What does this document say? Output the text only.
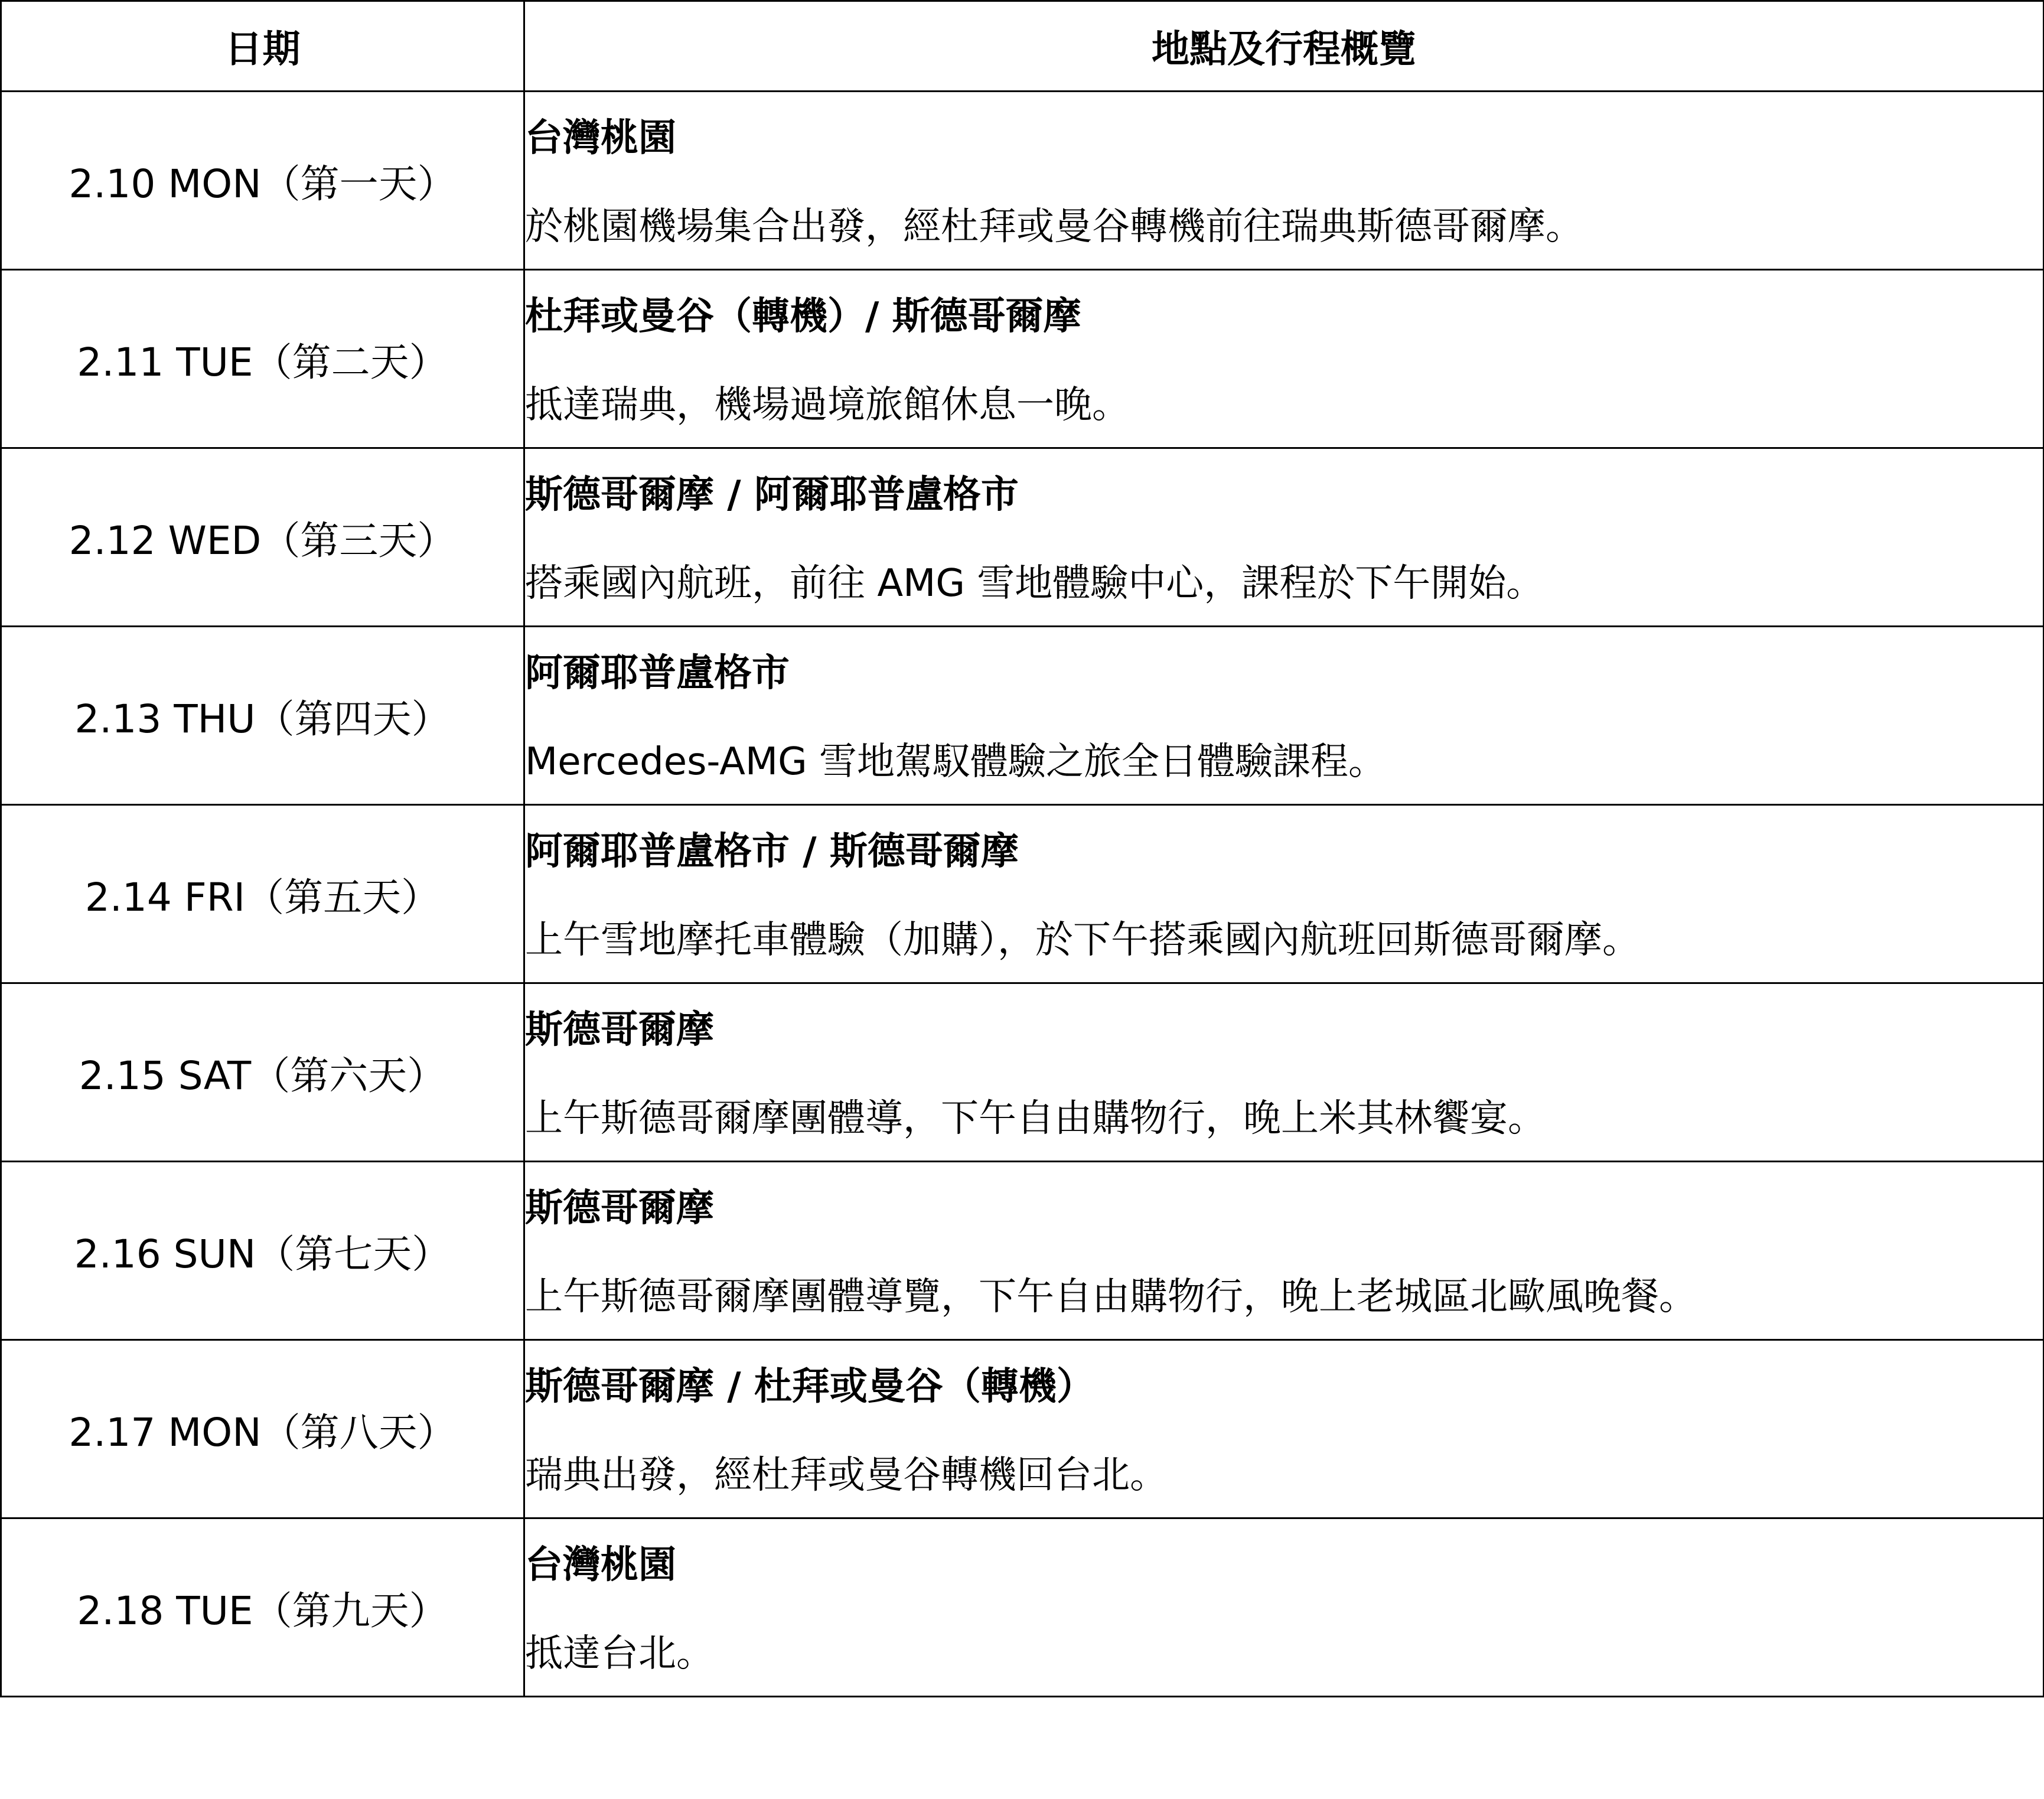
日期	地點及行程概覽
2.10 MON（第一天）	台灣桃園
於桃園機場集合出發，經杜拜或曼谷轉機前往瑞典斯德哥爾摩。

2.11 TUE（第二天）	杜拜或曼谷（轉機）/ 斯德哥爾摩
抵達瑞典，機場過境旅館休息一晚。

2.12 WED（第三天）	斯德哥爾摩 / 阿爾耶普盧格市
搭乘國內航班，前往 AMG 雪地體驗中心，課程於下午開始。

2.13 THU（第四天）	阿爾耶普盧格市
Mercedes-AMG 雪地駕馭體驗之旅全日體驗課程。

2.14 FRI（第五天）	阿爾耶普盧格市 / 斯德哥爾摩
上午雪地摩托車體驗（加購），於下午搭乘國內航班回斯德哥爾摩。

2.15 SAT（第六天）	斯德哥爾摩
上午斯德哥爾摩團體導，下午自由購物行，晚上米其林饗宴。

2.16 SUN（第七天）	斯德哥爾摩
上午斯德哥爾摩團體導覽，下午自由購物行，晚上老城區北歐風晚餐。

2.17 MON（第八天）	斯德哥爾摩 / 杜拜或曼谷（轉機）
瑞典出發，經杜拜或曼谷轉機回台北。

2.18 TUE（第九天）	台灣桃園
抵達台北。
